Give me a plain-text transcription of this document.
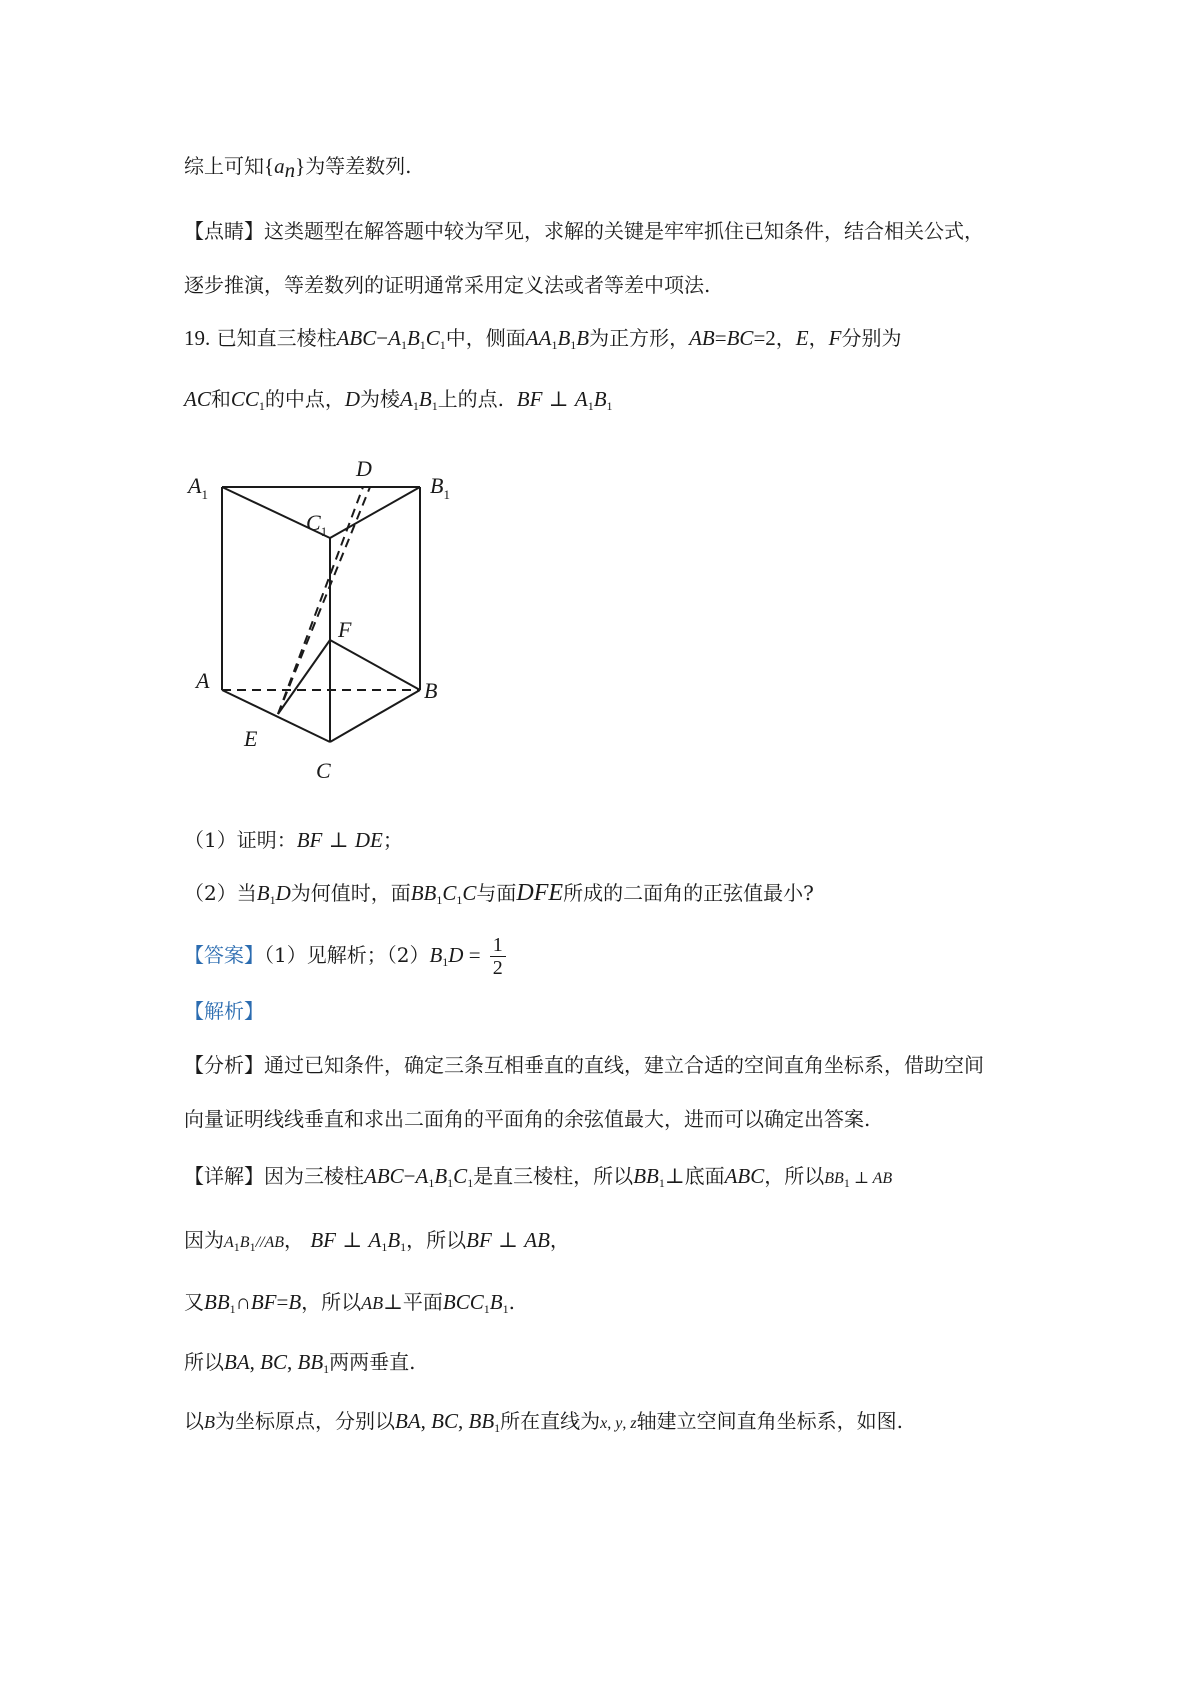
综上可知$\{a_n\}$为等差数列.
【点睛】这类题型在解答题中较为罕见，求解的关键是牢牢抓住已知条件，结合相关公式，
逐步推演，等差数列的证明通常采用定义法或者等差中项法.
19. 已知直三棱柱$ABC-A_1B_1C_1$中，侧面$AA_1B_1B$为正方形，AB=BC=2，E，F分别为
AC和$CC_1$的中点，D为棱$A_1B_1$上的点. BF ⊥ $A_1B_1$
$A_1$
D
$B_1$
$C_1$
F
A	B
E
C
（1）证明：BF ⊥ DE；
（2）当$B_1D$为何值时，面$BB_1C_1C$与面DFE所成的二面角的正弦值最小?
【答案】（1）见解析；$(2)B_1D = \frac{1}{2}$
【解析】
【分析】通过已知条件，确定三条互相垂直的直线，建立合适的空间直角坐标系，借助空间
向量证明线线垂直和求出二面角的平面角的余弦值最大，进而可以确定出答案.
【详解】因为三棱柱$ABC-A_1B_1C_1$是直三棱柱，所以$BB_1\perp$底面ABC，所以$BB_1$ ⊥ AB
因为$A_1B_1//AB$， BF ⊥ $A_1B_1$，所以BF ⊥ AB，
又$BB_1\cap BF=B$，所以AB⊥平面$BCC_1B_1$.
所以BA, BC, $BB_1$两两垂直.
以B为坐标原点，分别以BA, BC, $BB_1$所在直线为x, y, z轴建立空间直角坐标系，如图.
